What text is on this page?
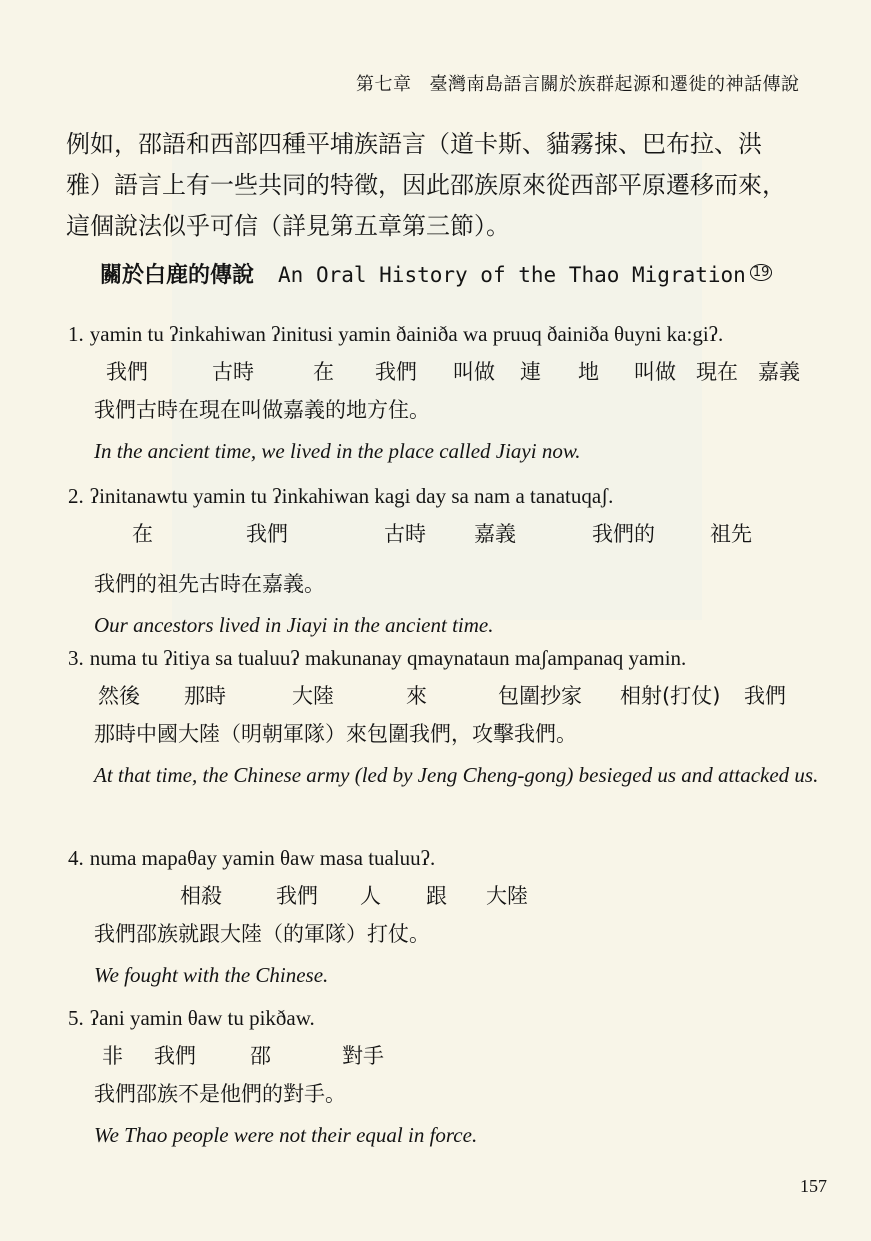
第七章 臺灣南島語言關於族群起源和遷徙的神話傳說
例如，邵語和西部四種平埔族語言（道卡斯、貓霧捒、巴布拉、洪
雅）語言上有一些共同的特徵，因此邵族原來從西部平原遷移而來，
這個說法似乎可信（詳見第五章第三節）。
關於白鹿的傳說 An Oral History of the Thao Migration $^{19}$
1. yamin tu ʔinkahiwan ʔinitusi yamin ðainiða wa pruuq ðainiða θuyni ka:giʔ.
我們	古時	在 我們 叫做 連 地 叫做 現在 嘉義
我們古時在現在叫做嘉義的地方住。
In the ancient time, we lived in the place called Jiayi now.
2. ʔinitanawtu yamin tu ʔinkahiwan kagi day sa nam a tanatuqaʃ.
在	我們	古時 嘉義	我們的	祖先
我們的祖先古時在嘉義。
Our ancestors lived in Jiayi in the ancient time.
3. numa tu ʔitiya sa tualuuʔ makunanay qmaynataun maʃampanaq yamin.
然後 那時	大陸	來	包圍抄家 相射(打仗) 我們
那時中國大陸（明朝軍隊）來包圍我們，攻擊我們。
At that time, the Chinese army (led by Jeng Cheng-gong) besieged us and attacked us.
4. numa mapaθay yamin θaw masa tualuuʔ.
相殺	我們 人 跟 大陸
我們邵族就跟大陸（的軍隊）打仗。
We fought with the Chinese.
5. ʔani yamin θaw tu pikðaw.
非 我們	邵	對手
我們邵族不是他們的對手。
We Thao people were not their equal in force.
157
